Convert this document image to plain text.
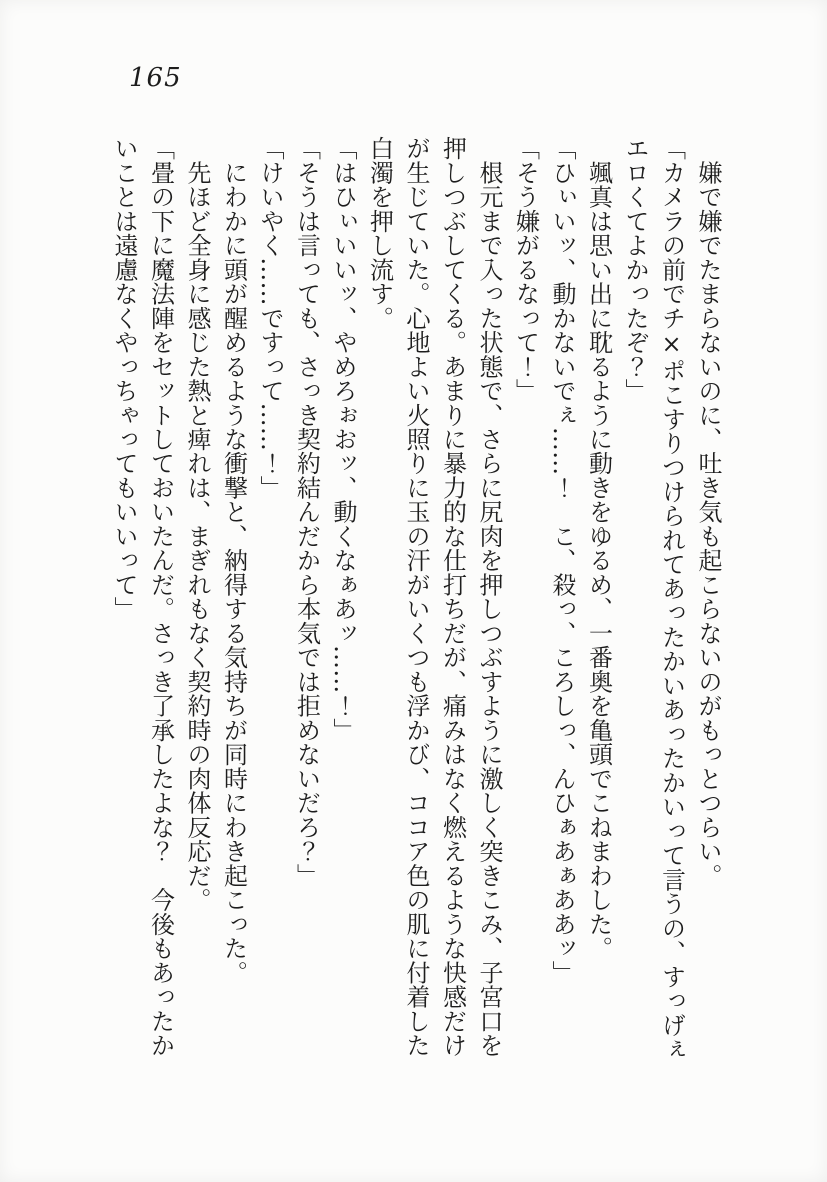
165

　嫌で嫌でたまらないのに、吐き気も起こらないのがもっとつらい。

「カメラの前でチ×ポこすりつけられてあったかいあったかいって言うの、すっげぇ

エロくてよかったぞ？」

　颯真は思い出に耽るように動きをゆるめ、一番奥を亀頭でこねまわした。

「ひぃいッ、動かないでぇ……！　こ、殺っ、ころしっ、んひぁあぁああッ」

「そう嫌がるなって！」

　根元まで入った状態で、さらに尻肉を押しつぶすように激しく突きこみ、子宮口を

押しつぶしてくる。あまりに暴力的な仕打ちだが、痛みはなく燃えるような快感だけ

が生じていた。心地よい火照りに玉の汗がいくつも浮かび、ココア色の肌に付着した

白濁を押し流す。

「はひぃいいッ、やめろぉおッ、動くなぁあッ……！」

「そうは言っても、さっき契約結んだから本気では拒めないだろ？」

「けいやく……ですって……！」

　にわかに頭が醒めるような衝撃と、納得する気持ちが同時にわき起こった。

　先ほど全身に感じた熱と痺れは、まぎれもなく契約時の肉体反応だ。

「畳の下に魔法陣をセットしておいたんだ。さっき了承したよな？　今後もあったか

いことは遠慮なくやっちゃってもいいって」
